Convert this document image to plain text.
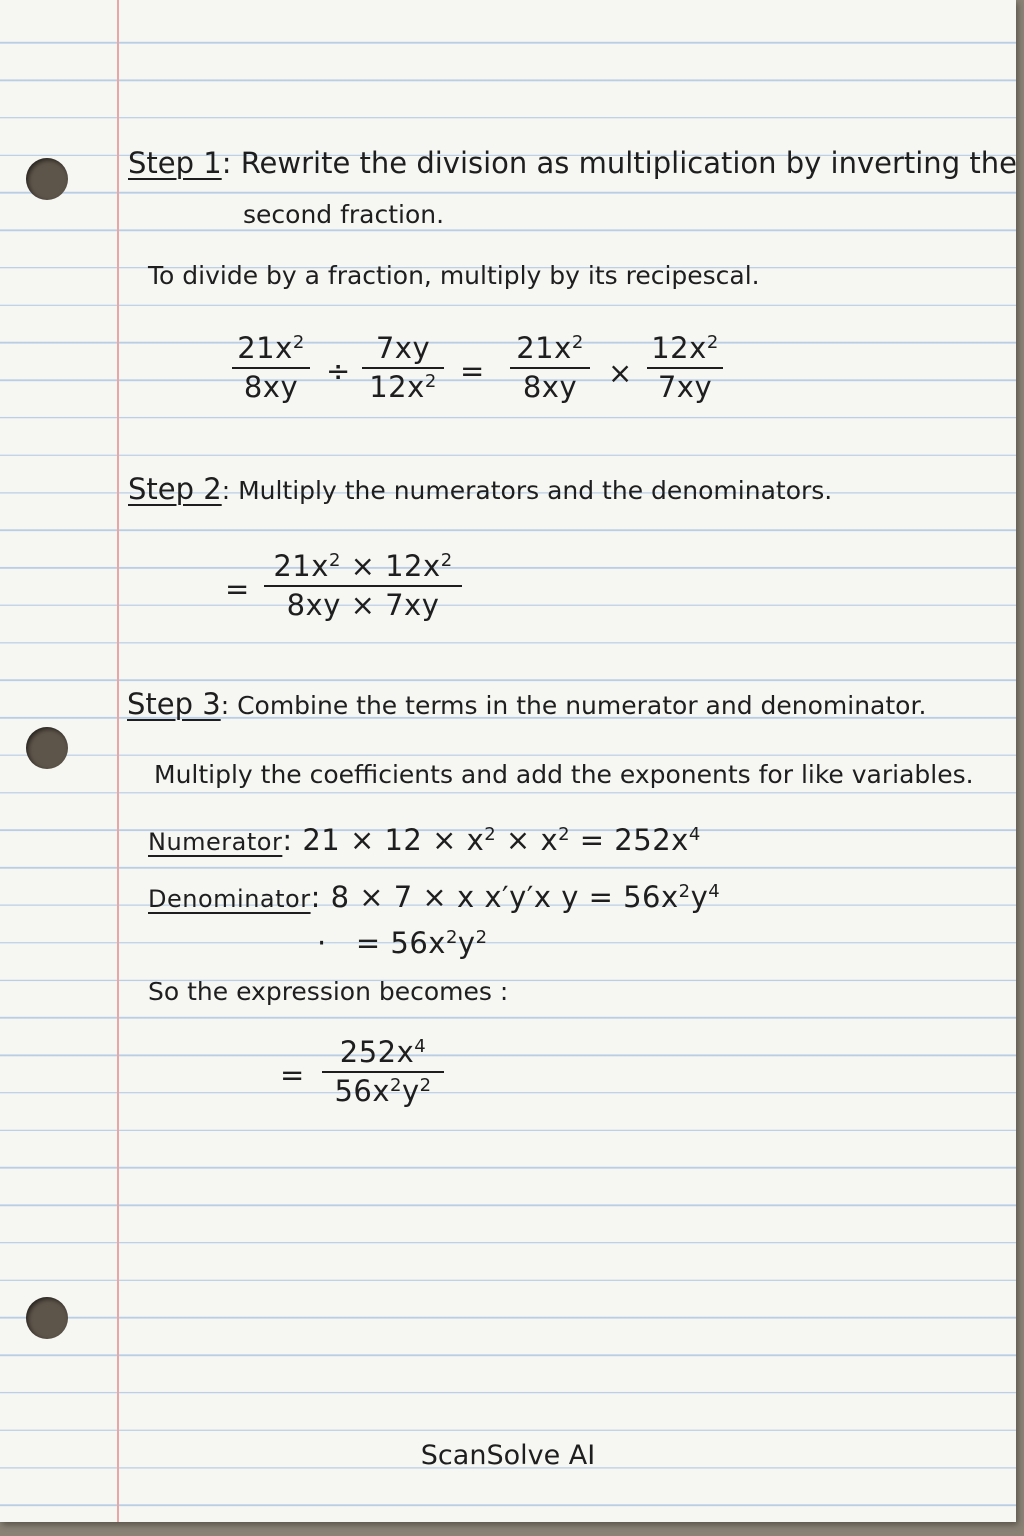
Step 1: Rewrite the division as multiplication by inverting the
second fraction.
To divide by a fraction, multiply by its recipescal.
$21x^2$
8xy ÷
7xy
$12x^2$ =
$21x^2$
8xy	×
$12x^2$
7xy
Step 2: Multiply the numerators and the denominators.
=
$21x^2 \times 12x^2$
8xy × 7xy
Step 3: Combine the terms in the numerator and denominator.
Multiply the coefficients and add the exponents for like variables.
Numerator: $21 \times 12 \times x^2 \times x^2 = 252x^4$
Denominator: 8 × 7 × x x′y′x $y = 56x^2y^4$
· = $56x^2y^2$
So the expression becomes :
=
$252x^4$
$56x^2y^2$
ScanSolve AI
